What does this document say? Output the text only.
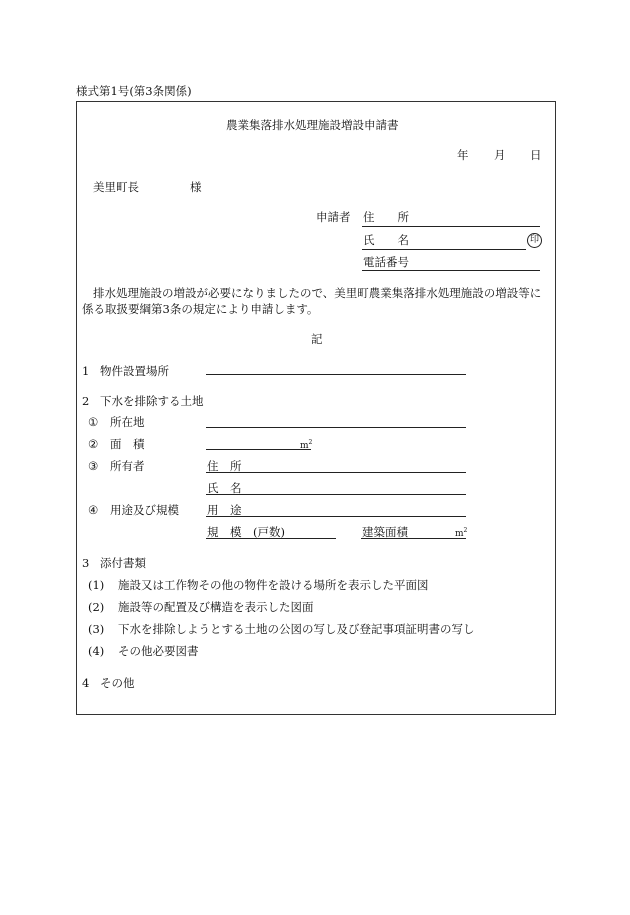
様式第1号(第3条関係)
農業集落排水処理施設増設申請書
年 月 日
美里町長	様
申請者 住　　所
氏　　名	印
電話番号
排水処理施設の増設が必要になりましたので、美里町農業集落排水処理施設の増設等に
係る取扱要綱第3条の規定により申請します。
記
1 物件設置場所
2 下水を排除する土地
① 所在地
② 面　積	$m^2$
③ 所有者	住　所
氏　名
④ 用途及び規模 用　途
規　模　(戸数)	建築面積	$m^2$
3 添付書類
(1) 施設又は工作物その他の物件を設ける場所を表示した平面図
(2) 施設等の配置及び構造を表示した図面
(3) 下水を排除しようとする土地の公図の写し及び登記事項証明書の写し
(4) その他必要図書
4 その他
